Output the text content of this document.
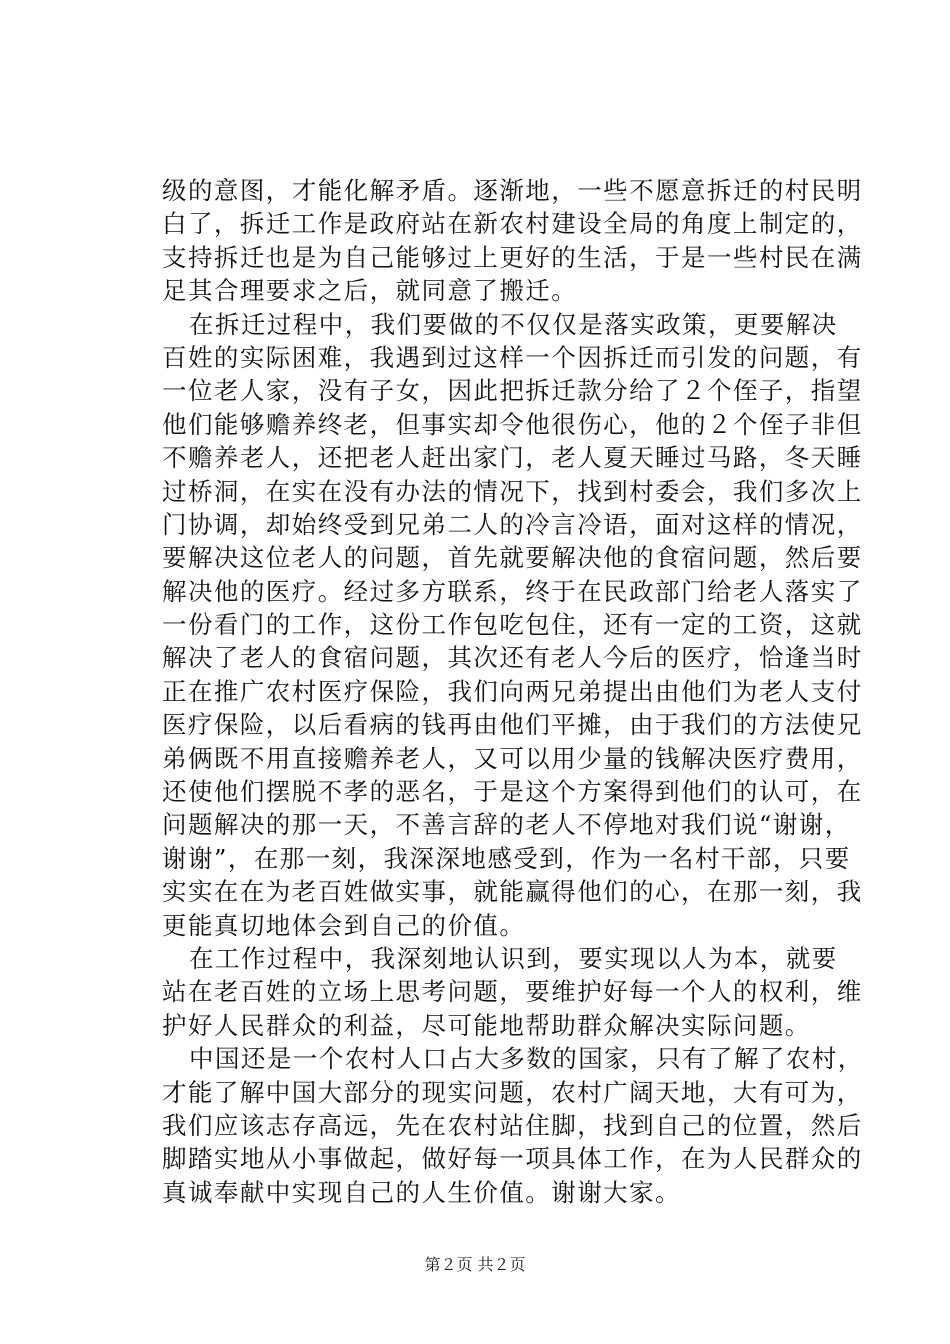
级的意图，才能化解矛盾。逐渐地，一些不愿意拆迁的村民明
白了，拆迁工作是政府站在新农村建设全局的角度上制定的，
支持拆迁也是为自己能够过上更好的生活，于是一些村民在满
足其合理要求之后，就同意了搬迁。
在拆迁过程中，我们要做的不仅仅是落实政策，更要解决
百姓的实际困难，我遇到过这样一个因拆迁而引发的问题，有
一位老人家，没有子女，因此把拆迁款分给了２个侄子，指望
他们能够赡养终老，但事实却令他很伤心，他的２个侄子非但
不赡养老人，还把老人赶出家门，老人夏天睡过马路，冬天睡
过桥洞，在实在没有办法的情况下，找到村委会，我们多次上
门协调，却始终受到兄弟二人的冷言冷语，面对这样的情况，
要解决这位老人的问题，首先就要解决他的食宿问题，然后要
解决他的医疗。经过多方联系，终于在民政部门给老人落实了
一份看门的工作，这份工作包吃包住，还有一定的工资，这就
解决了老人的食宿问题，其次还有老人今后的医疗，恰逢当时
正在推广农村医疗保险，我们向两兄弟提出由他们为老人支付
医疗保险，以后看病的钱再由他们平摊，由于我们的方法使兄
弟俩既不用直接赡养老人，又可以用少量的钱解决医疗费用，
还使他们摆脱不孝的恶名，于是这个方案得到他们的认可，在
问题解决的那一天，不善言辞的老人不停地对我们说“谢谢，
谢谢”，在那一刻，我深深地感受到，作为一名村干部，只要
实实在在为老百姓做实事，就能赢得他们的心，在那一刻，我
更能真切地体会到自己的价值。
在工作过程中，我深刻地认识到，要实现以人为本，就要
站在老百姓的立场上思考问题，要维护好每一个人的权利，维
护好人民群众的利益，尽可能地帮助群众解决实际问题。
中国还是一个农村人口占大多数的国家，只有了解了农村，
才能了解中国大部分的现实问题，农村广阔天地，大有可为，
我们应该志存高远，先在农村站住脚，找到自己的位置，然后
脚踏实地从小事做起，做好每一项具体工作，在为人民群众的
真诚奉献中实现自己的人生价值。谢谢大家。
第２页 共２页
